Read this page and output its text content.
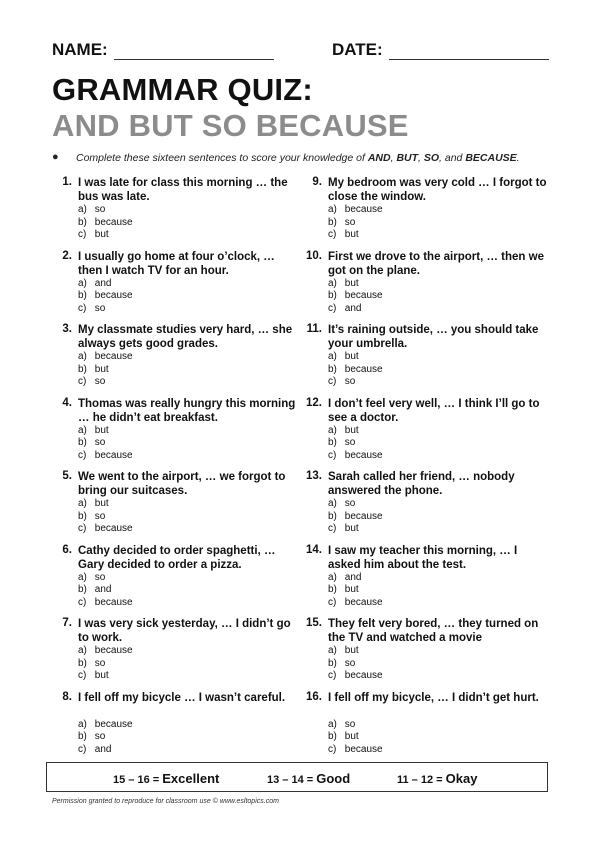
NAME:	DATE:
GRAMMAR QUIZ:
AND BUT SO BECAUSE
● Complete these sixteen sentences to score your knowledge of AND, BUT, SO, and BECAUSE.
1. I was late for class this morning … the bus was late.
a) so
b) because
c) but
2. I usually go home at four o’clock, … then I watch TV for an hour.
a) and
b) because
c) so
3. My classmate studies very hard, … she always gets good grades.
a) because
b) but
c) so
4. Thomas was really hungry this morning … he didn’t eat breakfast.
a) but
b) so
c) because
5. We went to the airport, … we forgot to bring our suitcases.
a) but
b) so
c) because
6. Cathy decided to order spaghetti, … Gary decided to order a pizza.
a) so
b) and
c) because
7. I was very sick yesterday, … I didn’t go to work.
a) because
b) so
c) but
8. I fell off my bicycle … I wasn’t careful.
a) because
b) so
c) and
9. My bedroom was very cold … I forgot to close the window.
a) because
b) so
c) but
10. First we drove to the airport, … then we got on the plane.
a) but
b) because
c) and
11. It’s raining outside, … you should take your umbrella.
a) but
b) because
c) so
12. I don’t feel very well, … I think I’ll go to see a doctor.
a) but
b) so
c) because
13. Sarah called her friend, … nobody answered the phone.
a) so
b) because
c) but
14. I saw my teacher this morning, … I asked him about the test.
a) and
b) but
c) because
15. They felt very bored, … they turned on the TV and watched a movie
a) but
b) so
c) because
16. I fell off my bicycle, … I didn’t get hurt.
a) so
b) but
c) because
15 – 16 = Excellent	13 – 14 = Good	11 – 12 = Okay
Permission granted to reproduce for classroom use © www.esltopics.com
